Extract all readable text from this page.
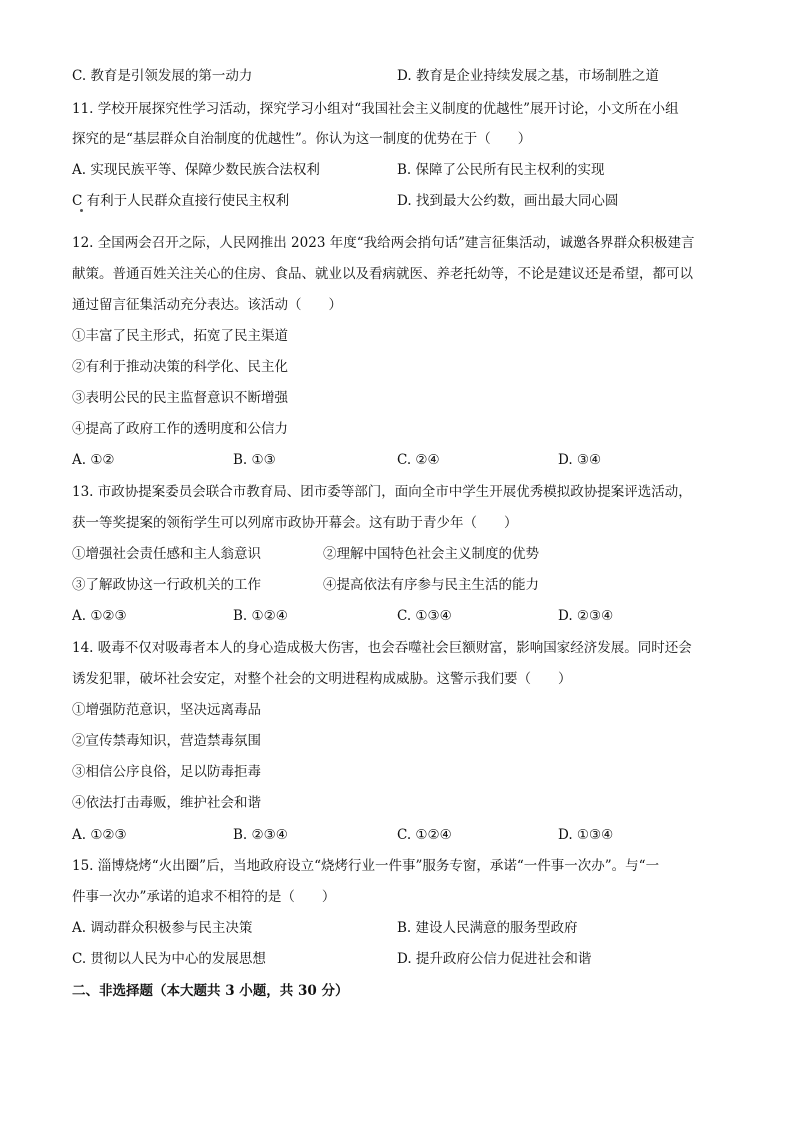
C. 教育是引领发展的第一动力	D. 教育是企业持续发展之基，市场制胜之道
11. 学校开展探究性学习活动，探究学习小组对“我国社会主义制度的优越性”展开讨论，小文所在小组
探究的是“基层群众自治制度的优越性”。你认为这一制度的优势在于（　　）
A. 实现民族平等、保障少数民族合法权利	B. 保障了公民所有民主权利的实现
C 有利于人民群众直接行使民主权利	D. 找到最大公约数，画出最大同心圆
12. 全国两会召开之际，人民网推出 2023 年度“我给两会捎句话”建言征集活动，诚邀各界群众积极建言
献策。普通百姓关注关心的住房、食品、就业以及看病就医、养老托幼等，不论是建议还是希望，都可以
通过留言征集活动充分表达。该活动（　　）
①丰富了民主形式，拓宽了民主渠道
②有利于推动决策的科学化、民主化
③表明公民的民主监督意识不断增强
④提高了政府工作的透明度和公信力
A. ①②	B. ①③	C. ②④	D. ③④
13. 市政协提案委员会联合市教育局、团市委等部门，面向全市中学生开展优秀模拟政协提案评选活动，
获一等奖提案的领衔学生可以列席市政协开幕会。这有助于青少年（　　）
①增强社会责任感和主人翁意识	②理解中国特色社会主义制度的优势
③了解政协这一行政机关的工作	④提高依法有序参与民主生活的能力
A. ①②③	B. ①②④	C. ①③④	D. ②③④
14. 吸毒不仅对吸毒者本人的身心造成极大伤害，也会吞噬社会巨额财富，影响国家经济发展。同时还会
诱发犯罪，破坏社会安定，对整个社会的文明进程构成威胁。这警示我们要（　　）
①增强防范意识，坚决远离毒品
②宣传禁毒知识，营造禁毒氛围
③相信公序良俗，足以防毒拒毒
④依法打击毒贩，维护社会和谐
A. ①②③	B. ②③④	C. ①②④	D. ①③④
15. 淄博烧烤“火出圈”后，当地政府设立“烧烤行业一件事”服务专窗，承诺“一件事一次办”。与“一
件事一次办”承诺的追求不相符的是（　　）
A. 调动群众积极参与民主决策	B. 建设人民满意的服务型政府
C. 贯彻以人民为中心的发展思想	D. 提升政府公信力促进社会和谐
二、非选择题（本大题共 3 小题，共 30 分）
